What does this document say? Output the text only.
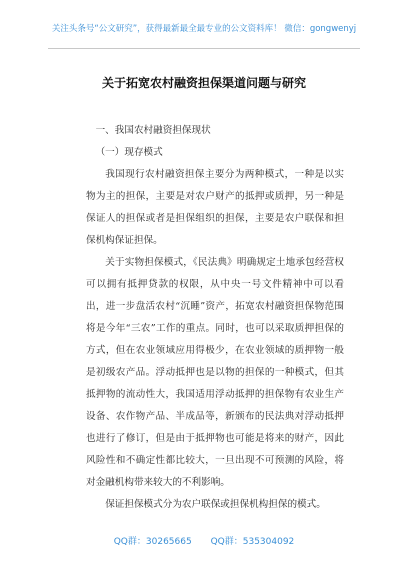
关注头条号“公文研究”，获得最新最全最专业的公文资料库！ 微信：gongwenyj
关于拓宽农村融资担保渠道问题与研究

一、我国农村融资担保现状

（一）现存模式

我国现行农村融资担保主要分为两种模式，一种是以实物为主的担保，主要是对农户财产的抵押或质押，另一种是保证人的担保或者是担保组织的担保，主要是农户联保和担保机构保证担保。

关于实物担保模式，《民法典》明确规定土地承包经营权可以拥有抵押贷款的权限，从中央一号文件精神中可以看出，进一步盘活农村“沉睡”资产，拓宽农村融资担保物范围将是今年“三农”工作的重点。同时，也可以采取质押担保的方式，但在农业领域应用得极少，在农业领域的质押物一般是初级农产品。浮动抵押也是以物的担保的一种模式，但其抵押物的流动性大，我国适用浮动抵押的担保物有农业生产设备、农作物产品、半成品等，新颁布的民法典对浮动抵押也进行了修订，但是由于抵押物也可能是将来的财产，因此风险性和不确定性都比较大，一旦出现不可预测的风险，将对金融机构带来较大的不利影响。

保证担保模式分为农户联保或担保机构担保的模式。

QQ群：30265665 QQ群：535304092
